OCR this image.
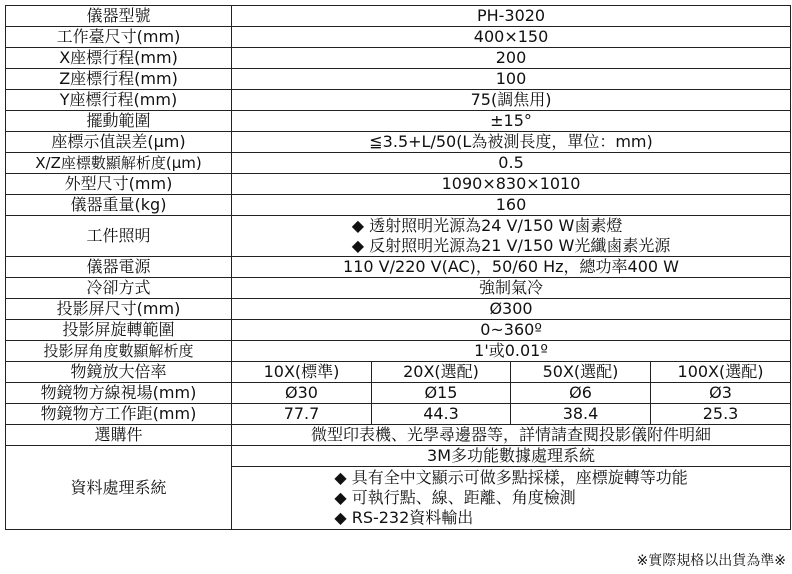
儀器型號	PH-3020			
工作臺尺寸(mm)	400×150			
X座標行程(mm)	200			
Z座標行程(mm)	100			
Y座標行程(mm)	75(調焦用)			
擺動範圍	±15°			
座標示值誤差(μm)	≦3.5+L/50(L為被測長度，單位：mm)			
X/Z座標數顯解析度(μm)	0.5			
外型尺寸(mm)	1090×830×1010			
儀器重量(kg)	160			
工件照明	◆ 透射照明光源為24 V/150 W鹵素燈
◆ 反射照明光源為21 V/150 W光纖鹵素光源			

儀器電源	110 V/220 V(AC)，50/60 Hz，總功率400 W			
冷卻方式	強制氣冷			
投影屏尺寸(mm)	Ø300			
投影屏旋轉範圍	0~360º			
投影屏角度數顯解析度	1'或0.01º			
物鏡放大倍率	10X(標準)	20X(選配)	50X(選配)	100X(選配)
物鏡物方線視場(mm)	Ø30	Ø15	Ø6	Ø3
物鏡物方工作距(mm)	77.7	44.3	38.4	25.3
選購件	微型印表機、光學尋邊器等，詳情請查閱投影儀附件明細			
資料處理系統	3M多功能數據處理系統			

	◆ 具有全中文顯示可做多點採樣，座標旋轉等功能
◆ 可執行點、線、距離、角度檢測
◆ RS-232資料輸出			
※實際規格以出貨為準※
